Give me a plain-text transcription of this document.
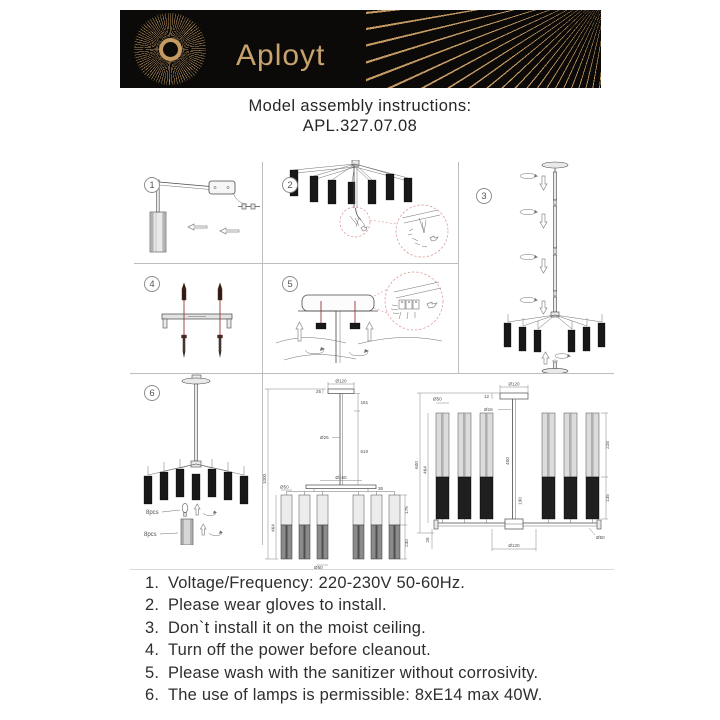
Aployt
Model assembly instructions:
APL.327.07.08
1	2
3
4	5
6
8pcs
8pcs
1000
Ø120
25
Ø25
181
610
Ø160
36
Ø50
464
175
230
Ø50
Ø120
12
Ø16
Ø50
600
464
400
190
228
135
Ø50
Ø120
26
1. Voltage/Frequency: 220-230V 50-60Hz.
2. Please wear gloves to install.
3. Don`t install it on the moist ceiling.
4. Turn off the power before cleanout.
5. Please wash with the sanitizer without corrosivity.
6. The use of lamps is permissible: 8xE14 max 40W.
